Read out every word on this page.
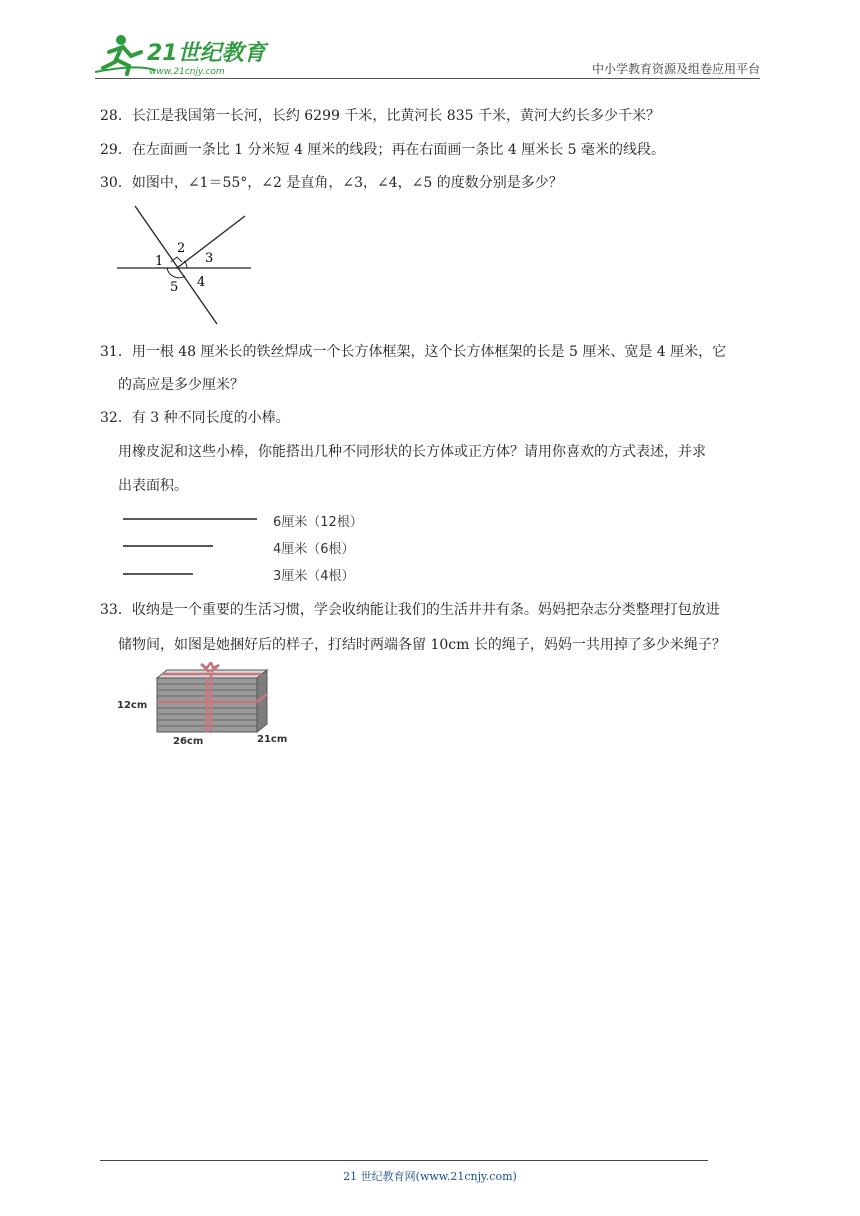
21世纪教育
www.21cnjy.com	中小学教育资源及组卷应用平台
28．长江是我国第一长河，长约 6299 千米，比黄河长 835 千米，黄河大约长多少千米？
29．在左面画一条比 1 分米短 4 厘米的线段；再在右面画一条比 4 厘米长 5 毫米的线段。
30．如图中，∠1＝55°，∠2 是直角，∠3，∠4，∠5 的度数分别是多少？
1
2
3
4
5
31．用一根 48 厘米长的铁丝焊成一个长方体框架，这个长方体框架的长是 5 厘米、宽是 4 厘米，它
的高应是多少厘米？
32．有 3 种不同长度的小棒。
用橡皮泥和这些小棒，你能搭出几种不同形状的长方体或正方体？请用你喜欢的方式表述，并求
出表面积。
6厘米（12根）
4厘米（6根）
3厘米（4根）
33．收纳是一个重要的生活习惯，学会收纳能让我们的生活井井有条。妈妈把杂志分类整理打包放进
储物间，如图是她捆好后的样子，打结时两端各留 10cm 长的绳子，妈妈一共用掉了多少米绳子？
12cm
26cm	21cm
21 世纪教育网(www.21cnjy.com)
